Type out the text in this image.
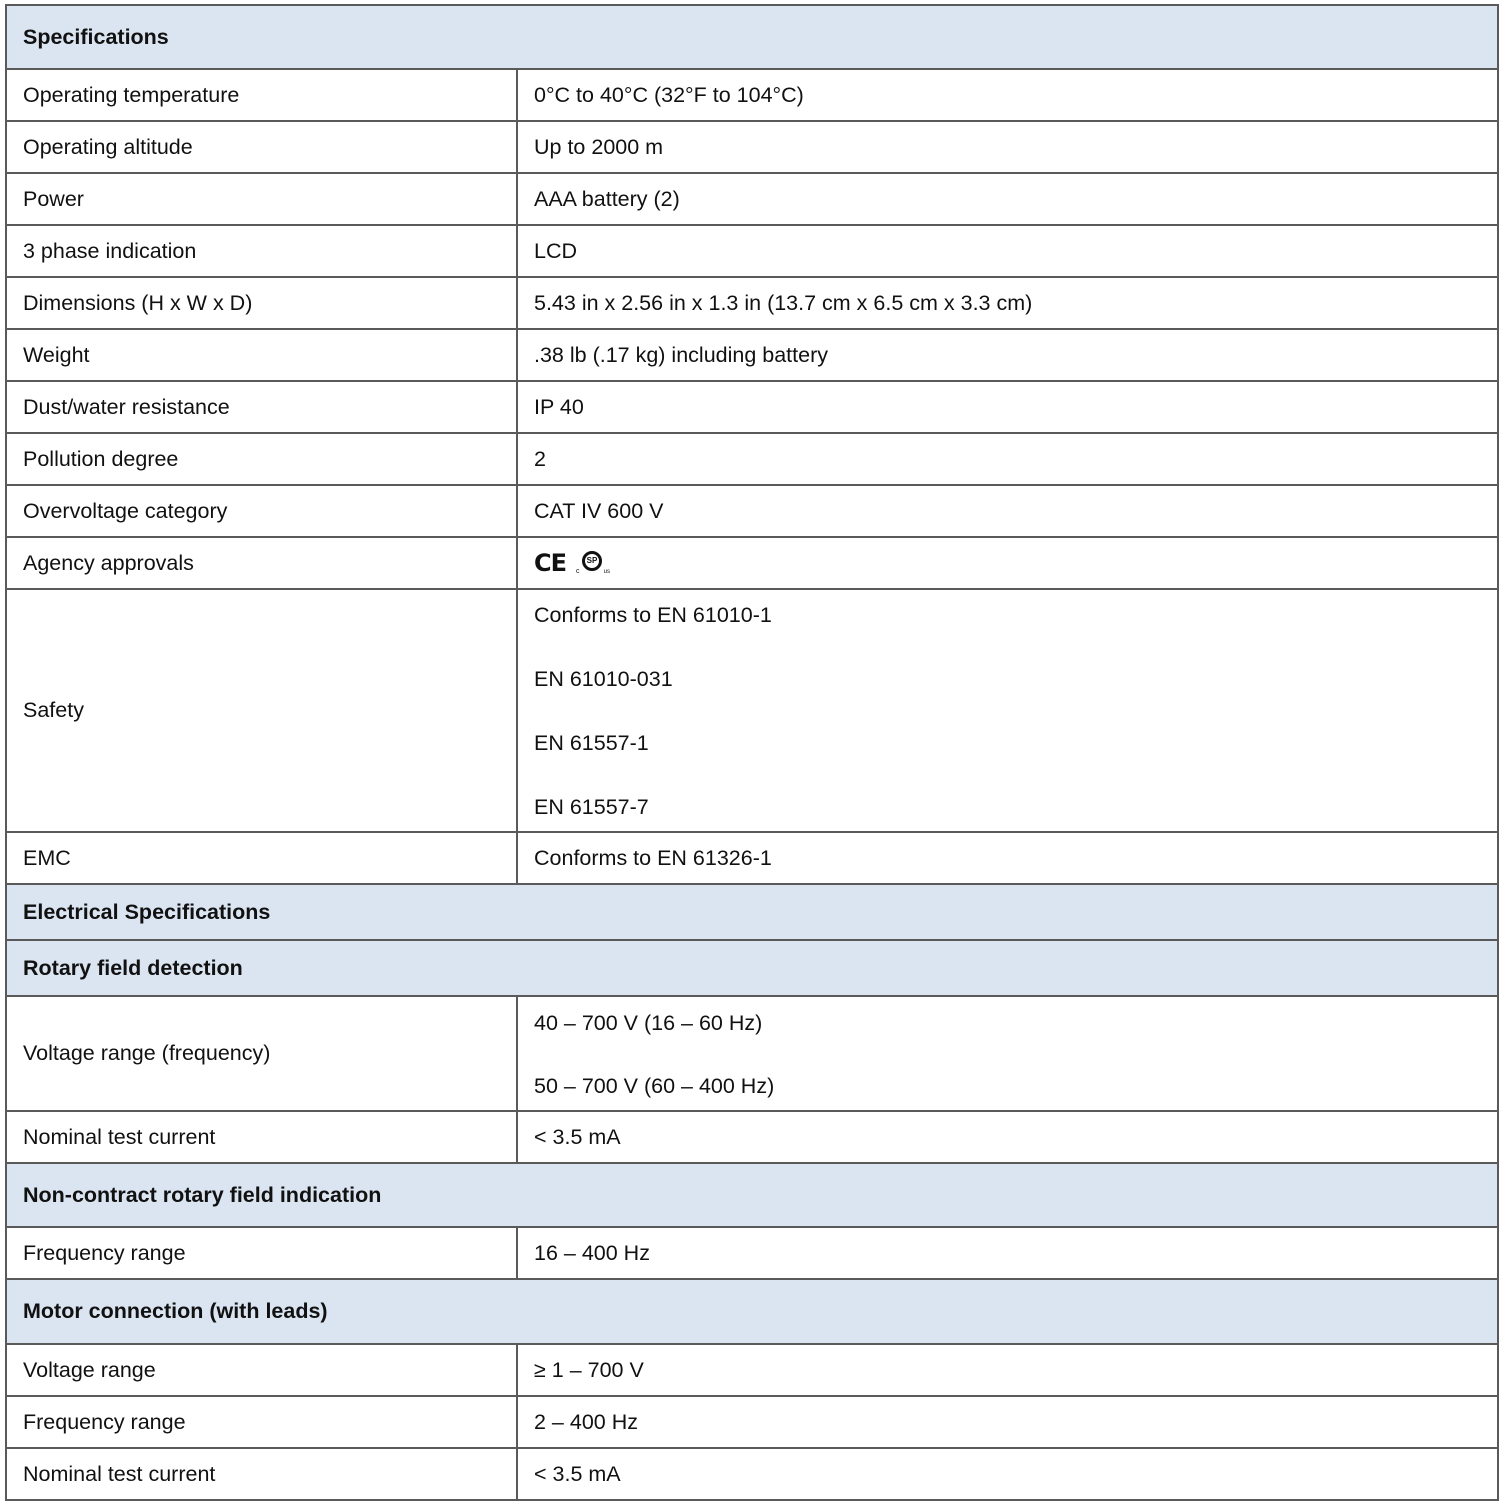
Specifications	
Operating temperature	0°C to 40°C (32°F to 104°C)
Operating altitude	Up to 2000 m
Power	AAA battery (2)
3 phase indication	LCD
Dimensions (H x W x D)	5.43 in x 2.56 in x 1.3 in (13.7 cm x 6.5 cm x 3.3 cm)
Weight	.38 lb (.17 kg) including battery
Dust/water resistance	IP 40
Pollution degree	2
Overvoltage category	CAT IV 600 V
Agency approvals	CE c
SP
us

Safety	Conforms to EN 61010-1
EN 61010-031
EN 61557-1
EN 61557-7

EMC	Conforms to EN 61326-1
Electrical Specifications	
Rotary field detection	
Voltage range (frequency)	40 – 700 V (16 – 60 Hz)
50 – 700 V (60 – 400 Hz)

Nominal test current	< 3.5 mA
Non-contract rotary field indication	
Frequency range	16 – 400 Hz
Motor connection (with leads)	
Voltage range	≥ 1 – 700 V
Frequency range	2 – 400 Hz
Nominal test current	< 3.5 mA
